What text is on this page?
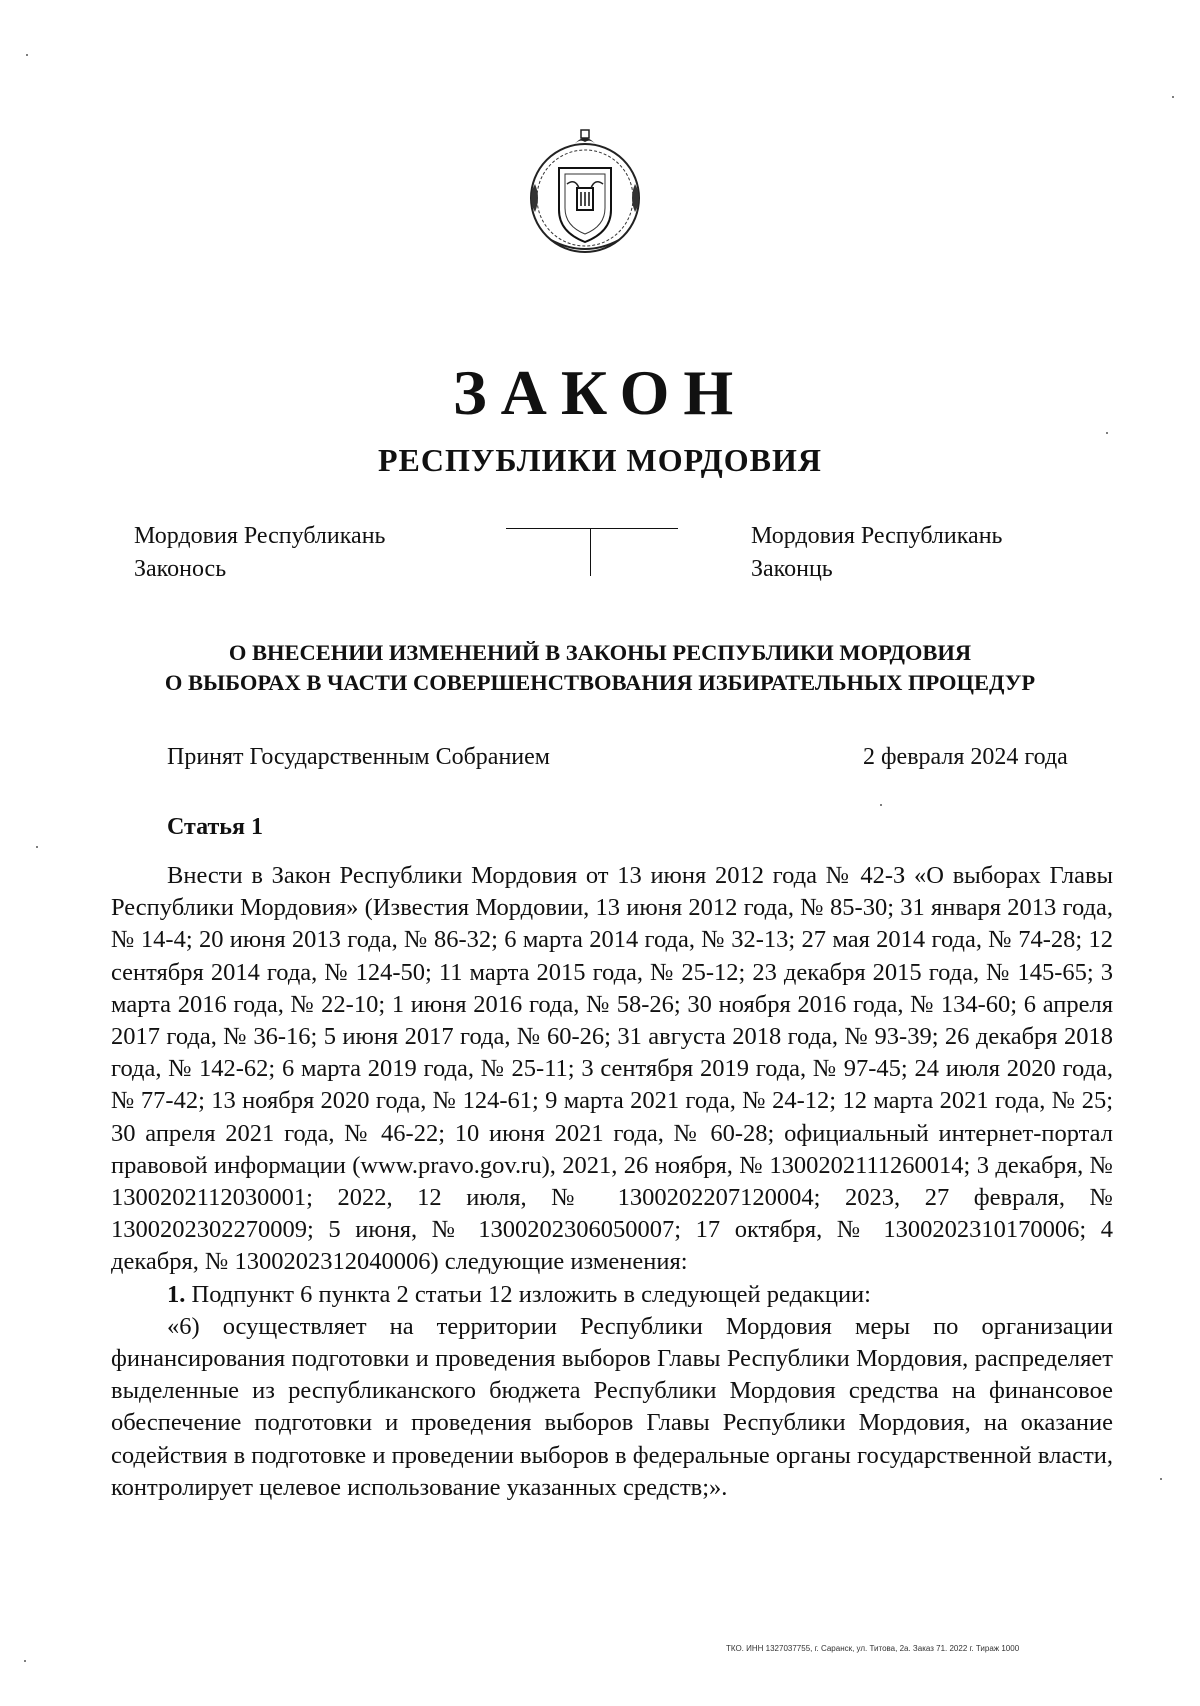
ЗАКОН
РЕСПУБЛИКИ МОРДОВИЯ
Мордовия Республикань
Законось
Мордовия Республикань
Законць
О ВНЕСЕНИИ ИЗМЕНЕНИЙ В ЗАКОНЫ РЕСПУБЛИКИ МОРДОВИЯ
О ВЫБОРАХ В ЧАСТИ СОВЕРШЕНСТВОВАНИЯ ИЗБИРАТЕЛЬНЫХ ПРОЦЕДУР
Принят Государственным Собранием	2 февраля 2024 года
Статья 1

Внести в Закон Республики Мордовия от 13 июня 2012 года № 42-З «О выборах Главы Республики Мордовия» (Известия Мордовии, 13 июня 2012 года, № 85-30; 31 января 2013 года, № 14-4; 20 июня 2013 года, № 86-32; 6 марта 2014 года, № 32-13; 27 мая 2014 года, № 74-28; 12 сентября 2014 года, № 124-50; 11 марта 2015 года, № 25-12; 23 декабря 2015 года, № 145-65; 3 марта 2016 года, № 22-10; 1 июня 2016 года, № 58-26; 30 ноября 2016 года, № 134-60; 6 апреля 2017 года, № 36-16; 5 июня 2017 года, № 60-26; 31 августа 2018 года, № 93-39; 26 декабря 2018 года, № 142-62; 6 марта 2019 года, № 25-11; 3 сентября 2019 года, № 97-45; 24 июля 2020 года, № 77-42; 13 ноября 2020 года, № 124-61; 9 марта 2021 года, № 24-12; 12 марта 2021 года, № 25; 30 апреля 2021 года, № 46-22; 10 июня 2021 года, № 60-28; официальный интернет-портал правовой информации (www.pravo.gov.ru), 2021, 26 ноября, № 1300202111260014; 3 декабря, № 1300202112030001; 2022, 12 июля, № 1300202207120004; 2023, 27 февраля, № 1300202302270009; 5 июня, № 1300202306050007; 17 октября, № 1300202310170006; 4 декабря, № 1300202312040006) следующие изменения:

1. Подпункт 6 пункта 2 статьи 12 изложить в следующей редакции:

«6) осуществляет на территории Республики Мордовия меры по организации финансирования подготовки и проведения выборов Главы Республики Мордовия, распределяет выделенные из республиканского бюджета Республики Мордовия средства на финансовое обеспечение подготовки и проведения выборов Главы Республики Мордовия, на оказание содействия в подготовке и проведении выборов в федеральные органы государственной власти, контролирует целевое использование указанных средств;».

ТКО. ИНН 1327037755, г. Саранск, ул. Титова, 2а. Заказ 71. 2022 г. Тираж 1000
